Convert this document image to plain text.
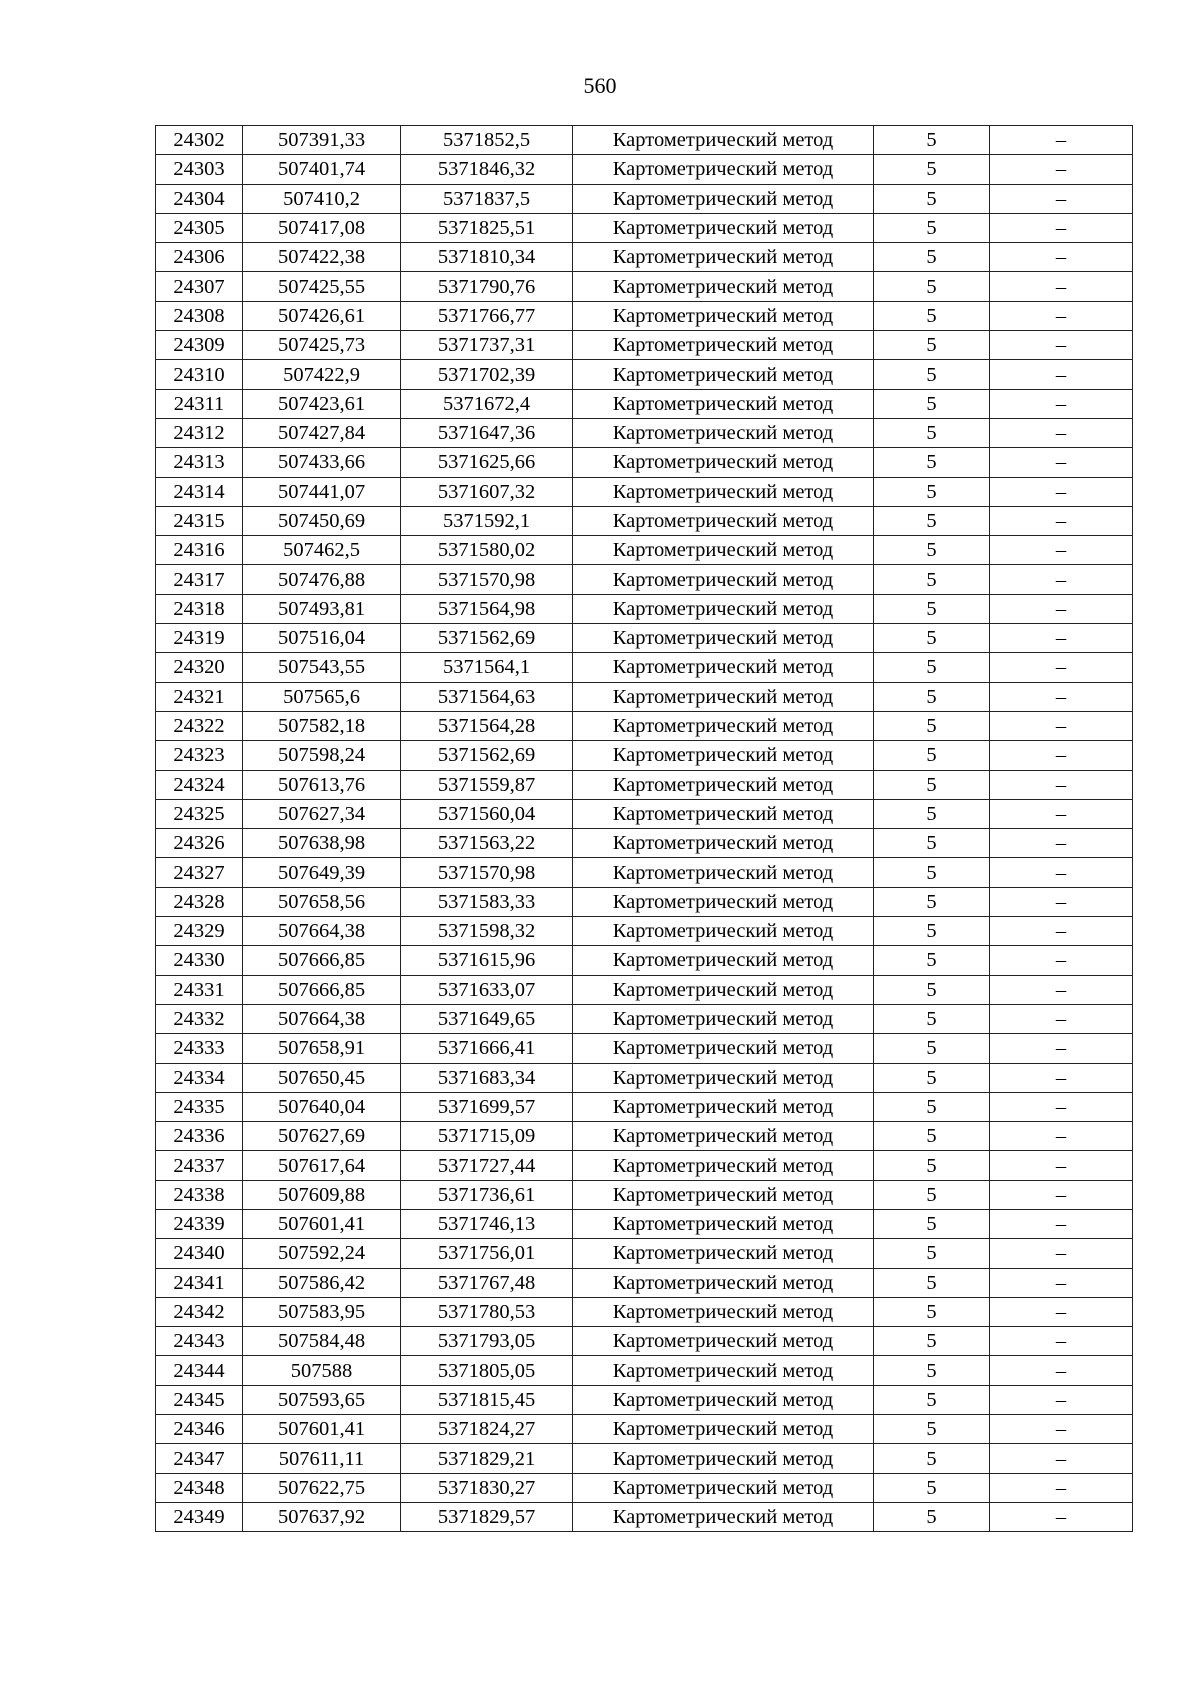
560
24302	507391,33	5371852,5	Картометрический метод	5	–
24303	507401,74	5371846,32	Картометрический метод	5	–
24304	507410,2	5371837,5	Картометрический метод	5	–
24305	507417,08	5371825,51	Картометрический метод	5	–
24306	507422,38	5371810,34	Картометрический метод	5	–
24307	507425,55	5371790,76	Картометрический метод	5	–
24308	507426,61	5371766,77	Картометрический метод	5	–
24309	507425,73	5371737,31	Картометрический метод	5	–
24310	507422,9	5371702,39	Картометрический метод	5	–
24311	507423,61	5371672,4	Картометрический метод	5	–
24312	507427,84	5371647,36	Картометрический метод	5	–
24313	507433,66	5371625,66	Картометрический метод	5	–
24314	507441,07	5371607,32	Картометрический метод	5	–
24315	507450,69	5371592,1	Картометрический метод	5	–
24316	507462,5	5371580,02	Картометрический метод	5	–
24317	507476,88	5371570,98	Картометрический метод	5	–
24318	507493,81	5371564,98	Картометрический метод	5	–
24319	507516,04	5371562,69	Картометрический метод	5	–
24320	507543,55	5371564,1	Картометрический метод	5	–
24321	507565,6	5371564,63	Картометрический метод	5	–
24322	507582,18	5371564,28	Картометрический метод	5	–
24323	507598,24	5371562,69	Картометрический метод	5	–
24324	507613,76	5371559,87	Картометрический метод	5	–
24325	507627,34	5371560,04	Картометрический метод	5	–
24326	507638,98	5371563,22	Картометрический метод	5	–
24327	507649,39	5371570,98	Картометрический метод	5	–
24328	507658,56	5371583,33	Картометрический метод	5	–
24329	507664,38	5371598,32	Картометрический метод	5	–
24330	507666,85	5371615,96	Картометрический метод	5	–
24331	507666,85	5371633,07	Картометрический метод	5	–
24332	507664,38	5371649,65	Картометрический метод	5	–
24333	507658,91	5371666,41	Картометрический метод	5	–
24334	507650,45	5371683,34	Картометрический метод	5	–
24335	507640,04	5371699,57	Картометрический метод	5	–
24336	507627,69	5371715,09	Картометрический метод	5	–
24337	507617,64	5371727,44	Картометрический метод	5	–
24338	507609,88	5371736,61	Картометрический метод	5	–
24339	507601,41	5371746,13	Картометрический метод	5	–
24340	507592,24	5371756,01	Картометрический метод	5	–
24341	507586,42	5371767,48	Картометрический метод	5	–
24342	507583,95	5371780,53	Картометрический метод	5	–
24343	507584,48	5371793,05	Картометрический метод	5	–
24344	507588	5371805,05	Картометрический метод	5	–
24345	507593,65	5371815,45	Картометрический метод	5	–
24346	507601,41	5371824,27	Картометрический метод	5	–
24347	507611,11	5371829,21	Картометрический метод	5	–
24348	507622,75	5371830,27	Картометрический метод	5	–
24349	507637,92	5371829,57	Картометрический метод	5	–
